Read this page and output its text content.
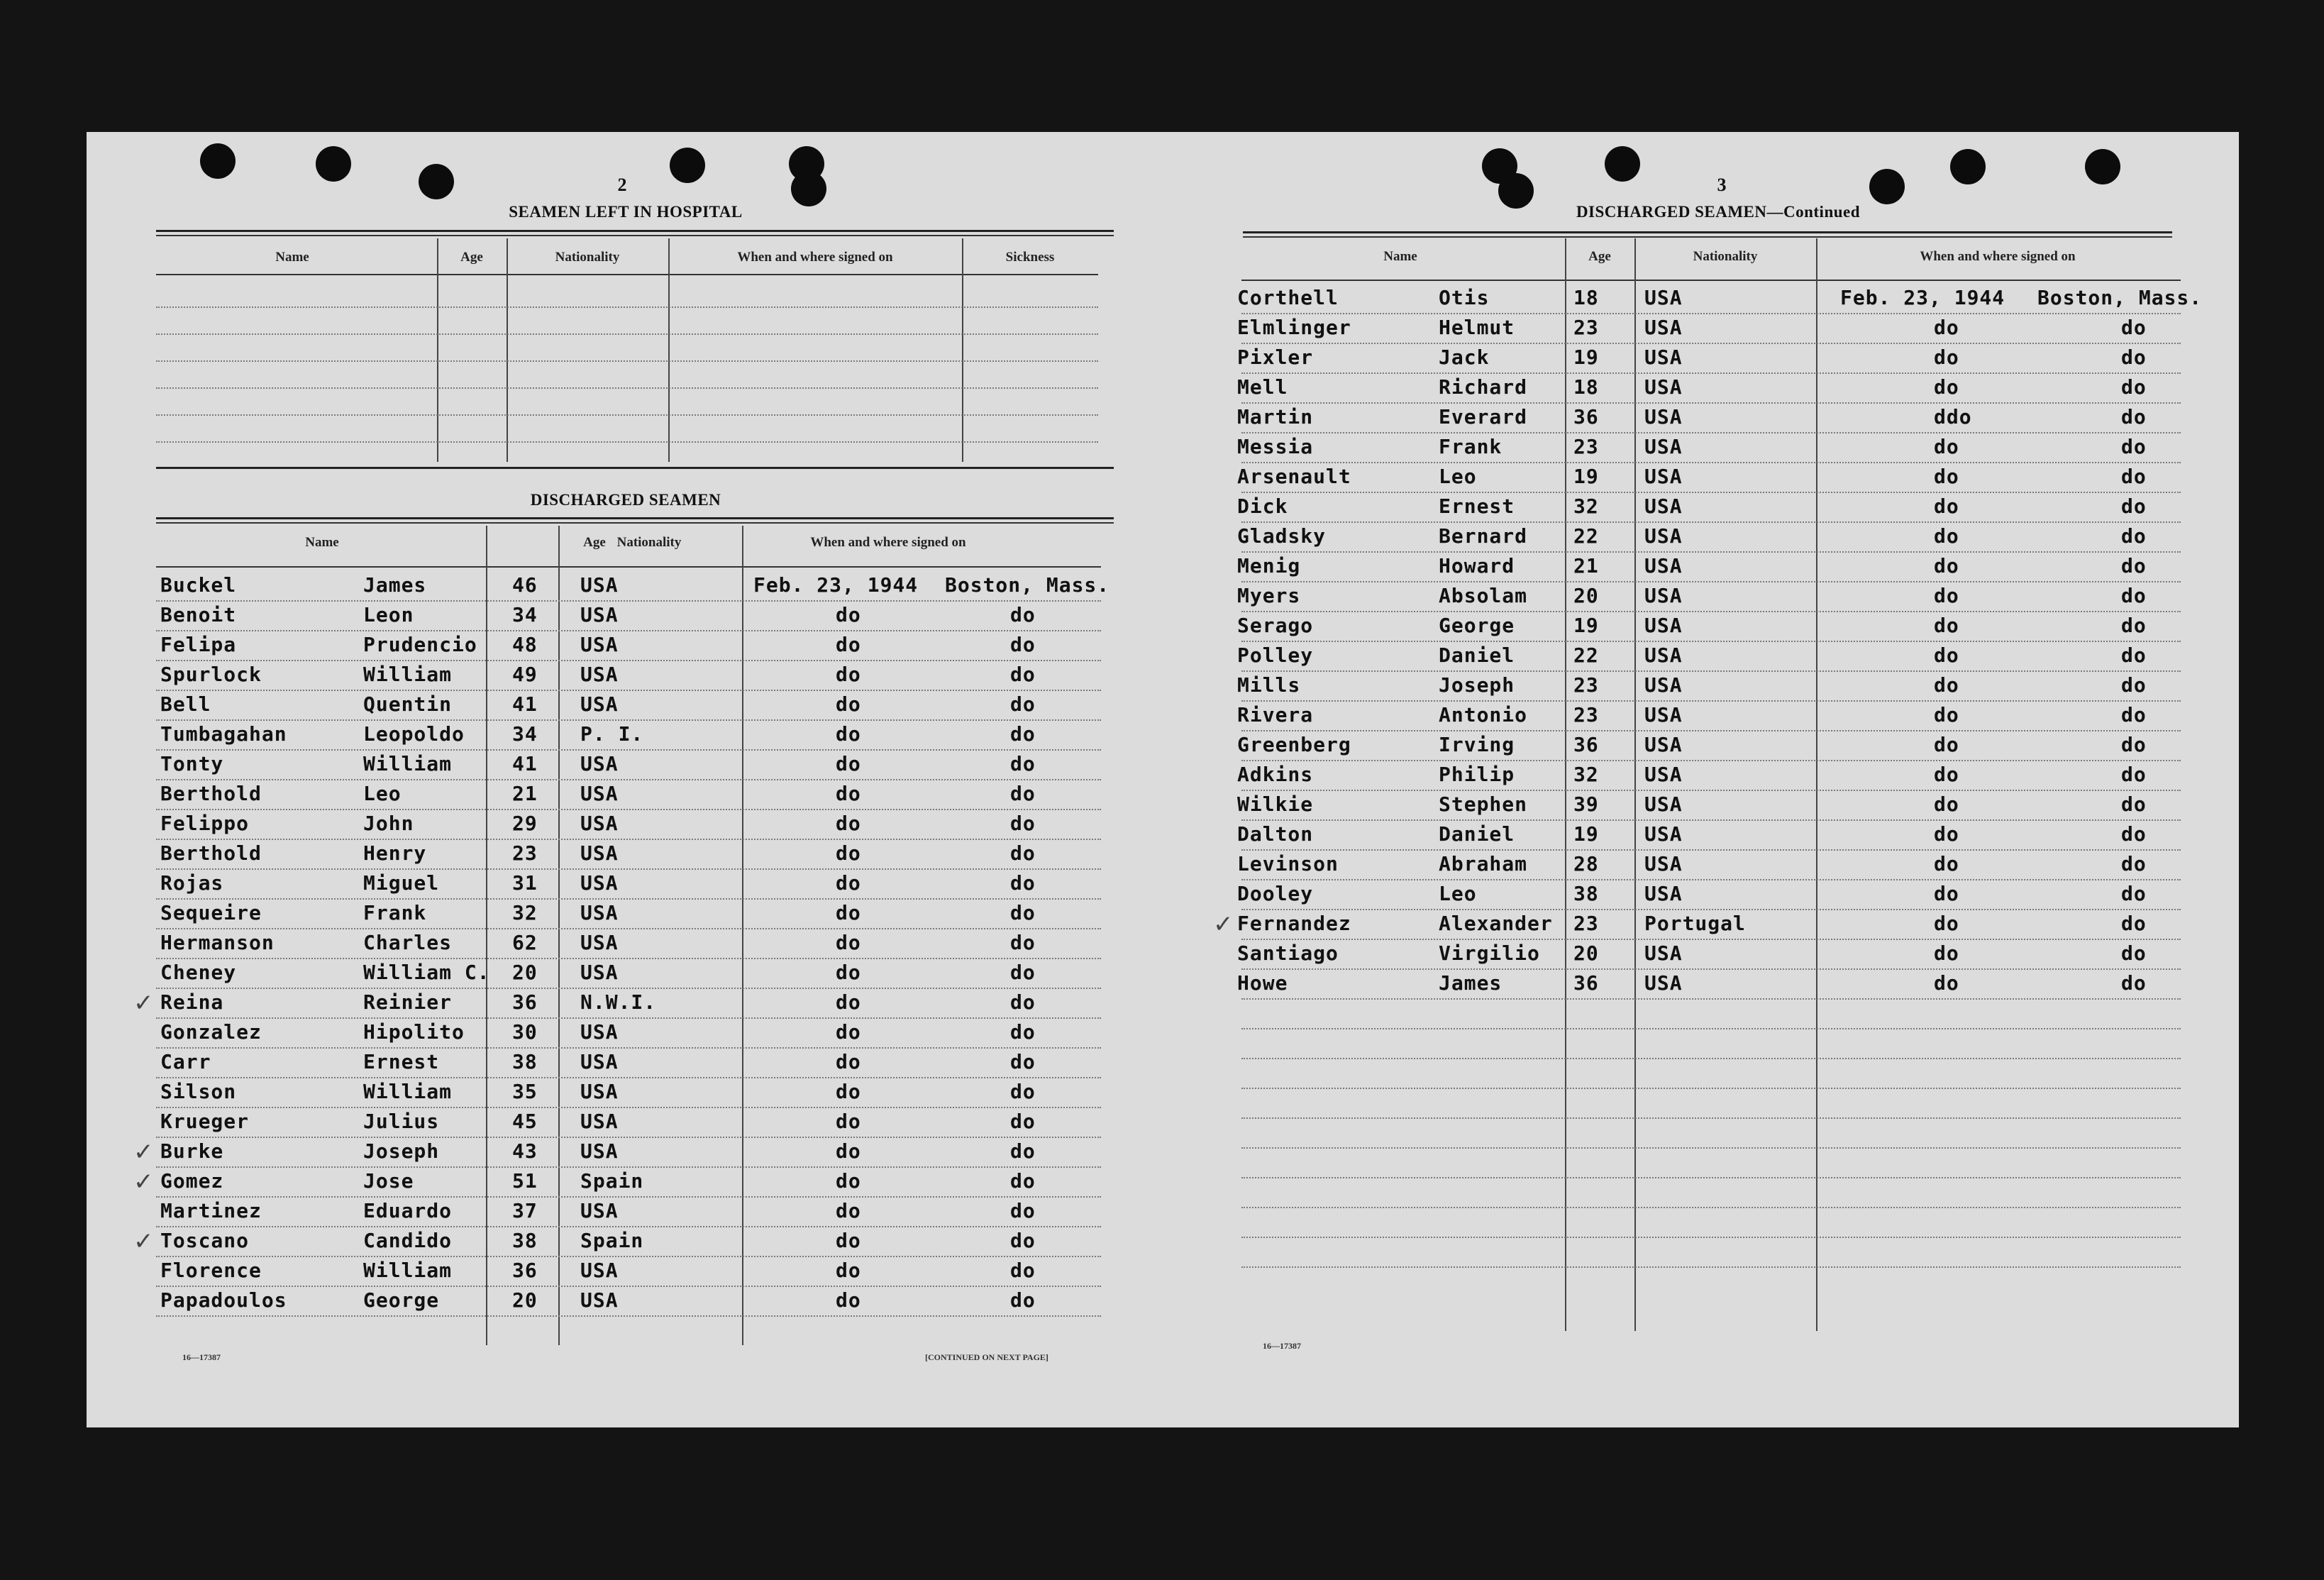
2
SEAMEN LEFT IN HOSPITAL
Name	Age	Nationality	When and where signed on	Sickness
DISCHARGED SEAMEN
Name	Age Nationality	When and where signed on
Buckel	James	46 USA	Feb. 23, 1944 Boston, Mass.
Benoit	Leon	34 USA	do	do
Felipa	Prudencio 48 USA	do	do
Spurlock	William	49 USA	do	do
Bell	Quentin	41 USA	do	do
Tumbagahan	Leopoldo 34 P. I.	do	do
Tonty	William	41 USA	do	do
Berthold	Leo	21 USA	do	do
Felippo	John	29 USA	do	do
Berthold	Henry	23 USA	do	do
Rojas	Miguel	31 USA	do	do
Sequeire	Frank	32 USA	do	do
Hermanson	Charles	62 USA	do	do
Cheney	William C. 20 USA	do	do
Reina	Reinier	36 N.W.I.	do	do
✓
Gonzalez	Hipolito 30 USA	do	do
Carr	Ernest	38 USA	do	do
Silson	William	35 USA	do	do
Krueger	Julius	45 USA	do	do
Burke	Joseph	43 USA	do	do
✓
Gomez	Jose	51 Spain	do	do
✓
Martinez	Eduardo	37 USA	do	do
Toscano	Candido	38 Spain	do	do
✓
Florence	William	36 USA	do	do
Papadoulos	George	20 USA	do	do
16—17387	[CONTINUED ON NEXT PAGE]
3
DISCHARGED SEAMEN—Continued
Name	Age	Nationality	When and where signed on
Corthell	Otis	18 USA	Feb. 23, 1944 Boston, Mass.
Elmlinger	Helmut	23 USA	do	do
Pixler	Jack	19 USA	do	do
Mell	Richard 18 USA	do	do
Martin	Everard 36 USA	ddo	do
Messia	Frank	23 USA	do	do
Arsenault	Leo	19 USA	do	do
Dick	Ernest	32 USA	do	do
Gladsky	Bernard 22 USA	do	do
Menig	Howard	21 USA	do	do
Myers	Absolam 20 USA	do	do
Serago	George	19 USA	do	do
Polley	Daniel	22 USA	do	do
Mills	Joseph	23 USA	do	do
Rivera	Antonio 23 USA	do	do
Greenberg	Irving	36 USA	do	do
Adkins	Philip	32 USA	do	do
Wilkie	Stephen 39 USA	do	do
Dalton	Daniel	19 USA	do	do
Levinson	Abraham 28 USA	do	do
Dooley	Leo	38 USA	do	do
Fernandez	Alexander 23 Portugal	do	do
✓
Santiago	Virgilio 20 USA	do	do
Howe	James	36 USA	do	do
16—17387
